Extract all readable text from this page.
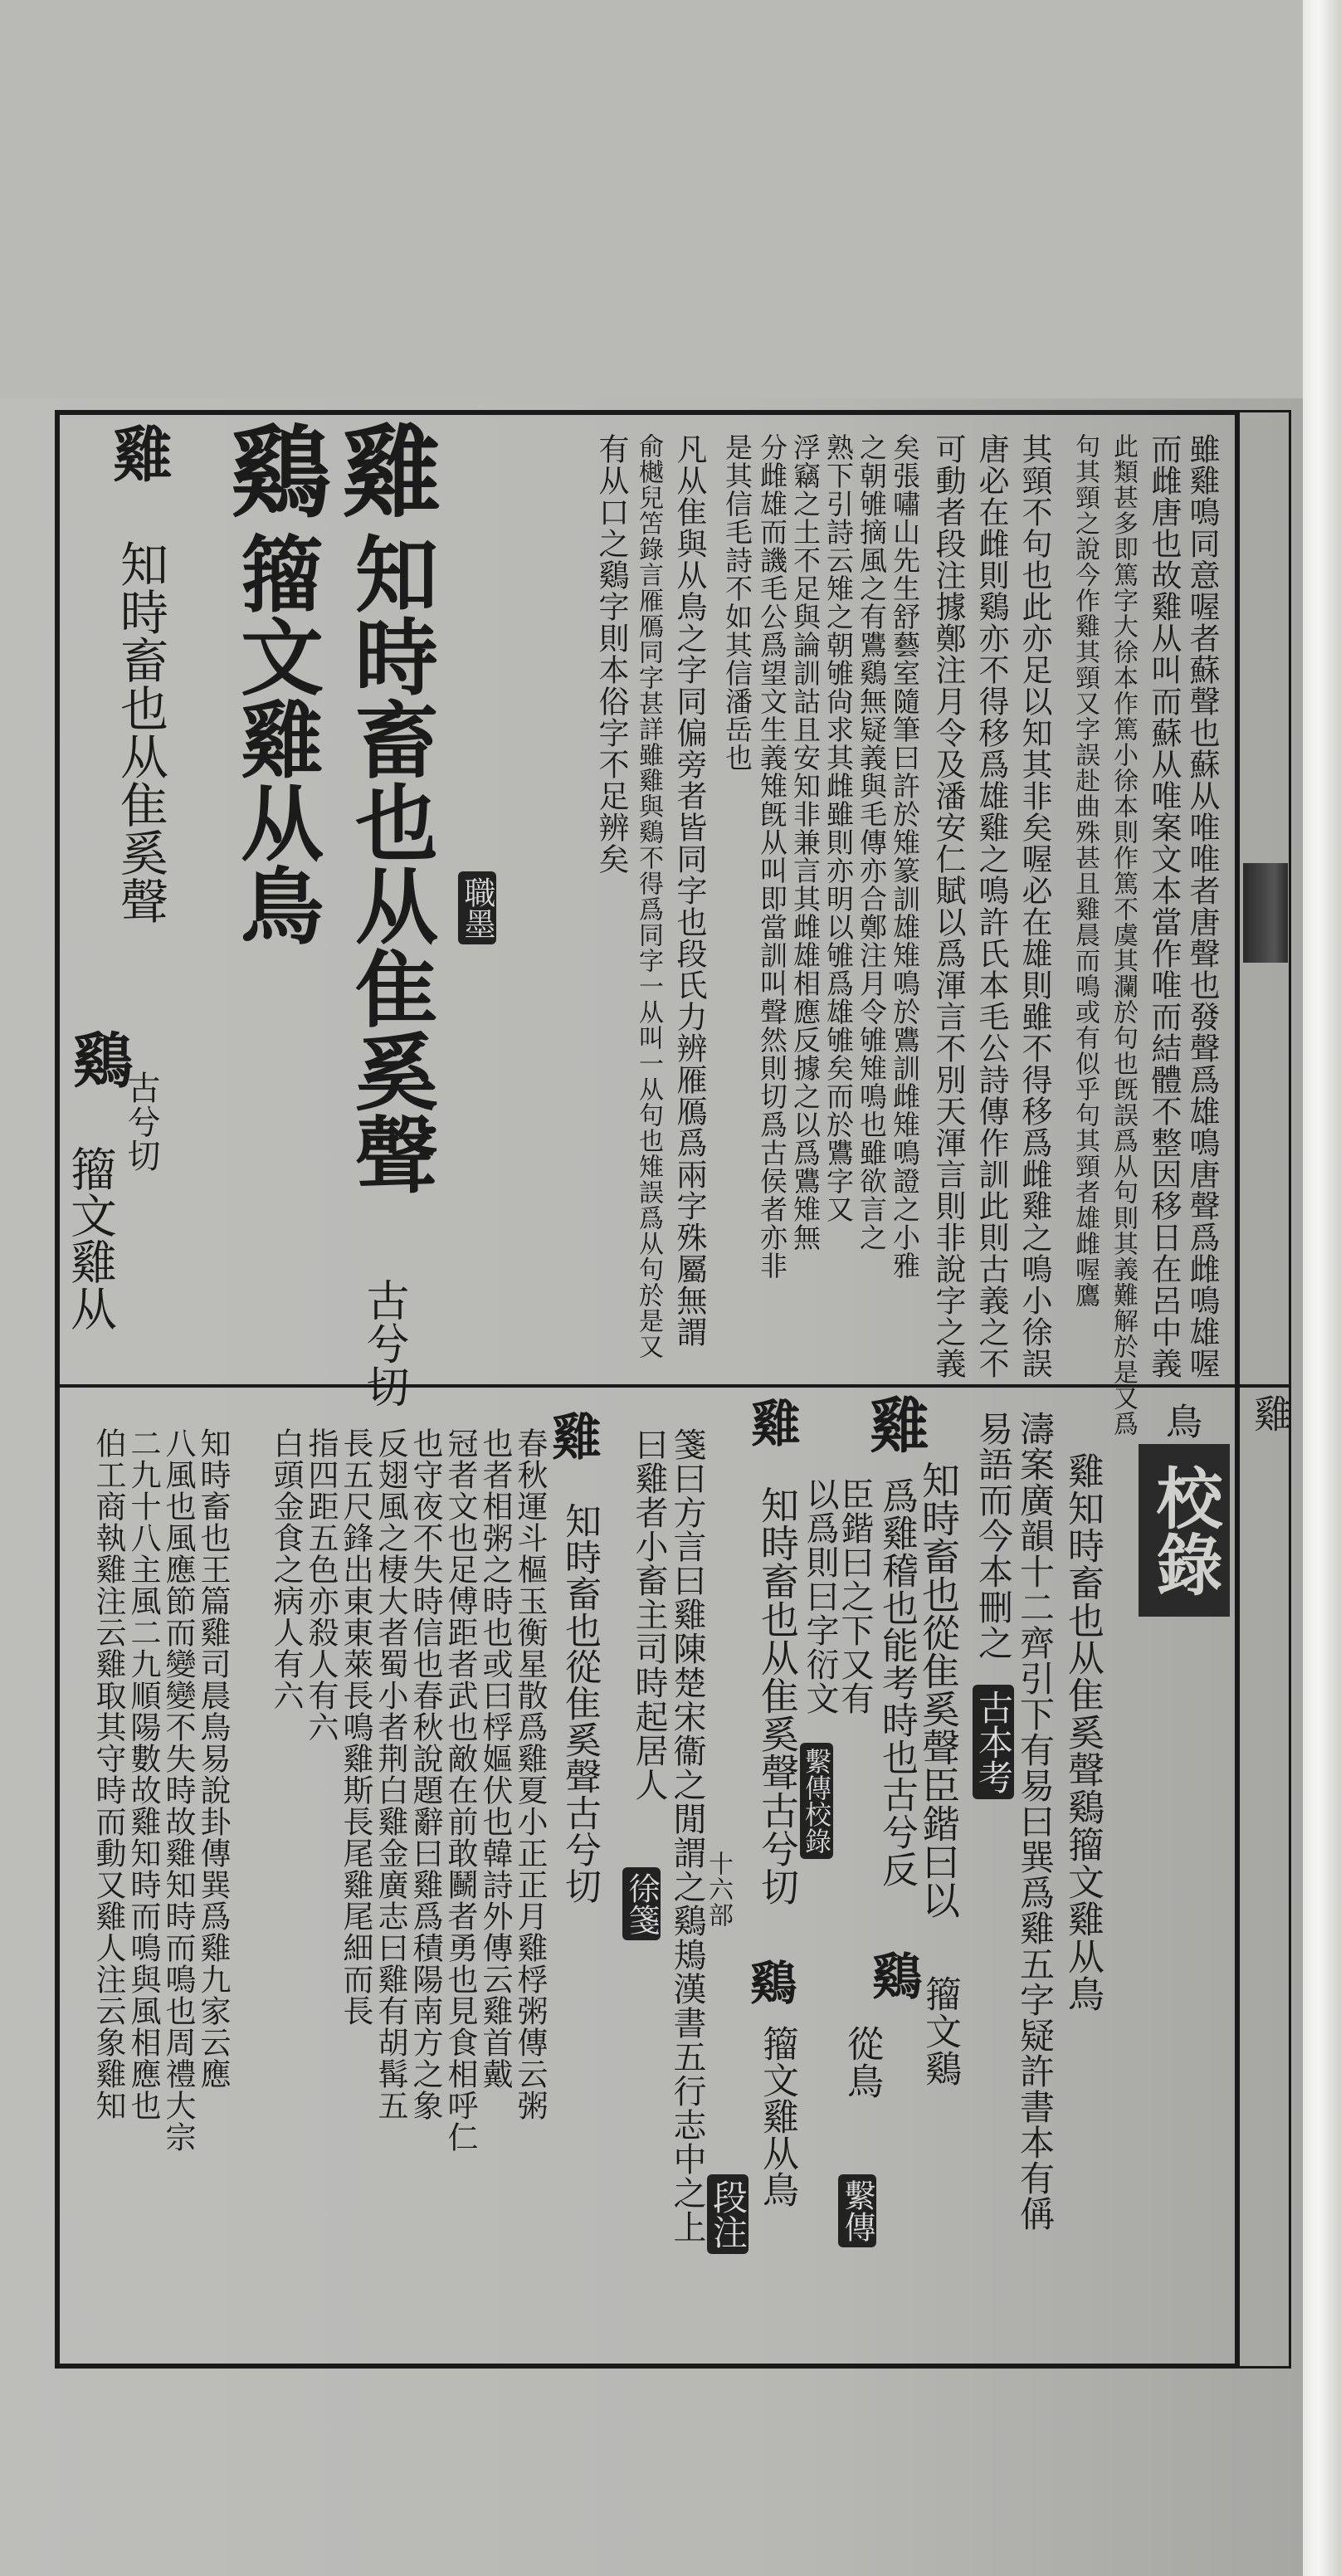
雞
雖雞鳴同意喔者蘇聲也蘇从唯唯者唐聲也發聲爲雄鳴唐聲爲雌鳴雄喔
而雌唐也故雞从叫而蘇从唯案文本當作唯而結體不整因移日在呂中義
此類甚多即篤字大徐本作篤小徐本則作篤不虞其瀾於句也旣誤爲从句則其義難解於是又爲
句其頸之說今作雞其頸又字誤赴曲殊甚且雞晨而鳴或有似乎句其頸者雄雌喔鷹
其頸不句也此亦足以知其非矣喔必在雄則雖不得移爲雌雞之鳴小徐誤
唐必在雌則鷄亦不得移爲雄雞之鳴許氏本毛公詩傳作訓此則古義之不
可動者段注據鄭注月令及潘安仁賦以爲渾言不別天渾言則非說字之義
矣張嘯山先生舒藝室隨筆曰許於雉篆訓雄雉鳴於鷕訓雌雉鳴證之小雅
之朝雊摘風之有鷕鷄無疑義與毛傳亦合鄭注月令雊雉鳴也雖欲言之
熟下引詩云雉之朝雊尙求其雌雖則亦明以雊爲雄雊矣而於鷕字又
浮竊之土不足與論訓詁且安知非兼言其雌雄相應反據之以爲鷕雉無
分雌雄而譏毛公爲望文生義雉旣从叫即當訓叫聲然則切爲古侯者亦非
是其信毛詩不如其信潘岳也
凡从隹與从鳥之字同偏旁者皆同字也段氏力辨雁鴈爲兩字殊屬無謂
俞樾兒笘錄言雁鴈同字甚詳雖雞與鷄不得爲同字一从叫一从句也雉誤爲从句於是又
有从口之鷄字則本俗字不足辨矣
職墨
雞
知時畜也从隹奚聲
古兮切
鷄
籀文雞从鳥
雞
知時畜也从隹奚聲
古兮切
鷄
籀文雞从
鳥
校錄
雞知時畜也从隹奚聲鷄籀文雞从鳥
濤案廣韻十二齊引下有易曰巽爲雞五字疑許書本有偁
易語而今本刪之
古本考
雞
知時畜也從隹奚聲臣鍇曰以
爲雞稽也能考時也古兮反
鷄
籀文鷄
臣鍇曰之下又有
從鳥
繫傳
以爲則曰字衍文
繫傳校錄
雞
知時畜也从隹奚聲古兮切
鷄
籀文雞从鳥
段注
十六部
箋曰方言曰雞陳楚宋衞之閒謂之鷄鳺漢書五行志中之上
曰雞者小畜主司時起居人
徐箋
雞
知時畜也從隹奚聲古兮切
春秋運斗樞玉衡星散爲雞夏小正正月雞桴粥傳云粥
也者相粥之時也或曰桴嫗伏也韓詩外傳云雞首戴
冠者文也足傅距者武也敵在前敢鬭者勇也見食相呼仁
也守夜不失時信也春秋說題辭曰雞爲積陽南方之象
反翅風之棲大者蜀小者荆白雞金廣志曰雞有胡髯五
長五尺鋒出東東萊長鳴雞斯長尾雞尾細而長
指四距五色亦殺人有六
白頭金食之病人有六
知時畜也王篇雞司晨鳥易說卦傳巽爲雞九家云應
八風也風應節而變變不失時故雞知時而鳴也周禮大宗
二九十八主風二九順陽數故雞知時而鳴與風相應也
伯工商執雞注云雞取其守時而動又雞人注云象雞知
